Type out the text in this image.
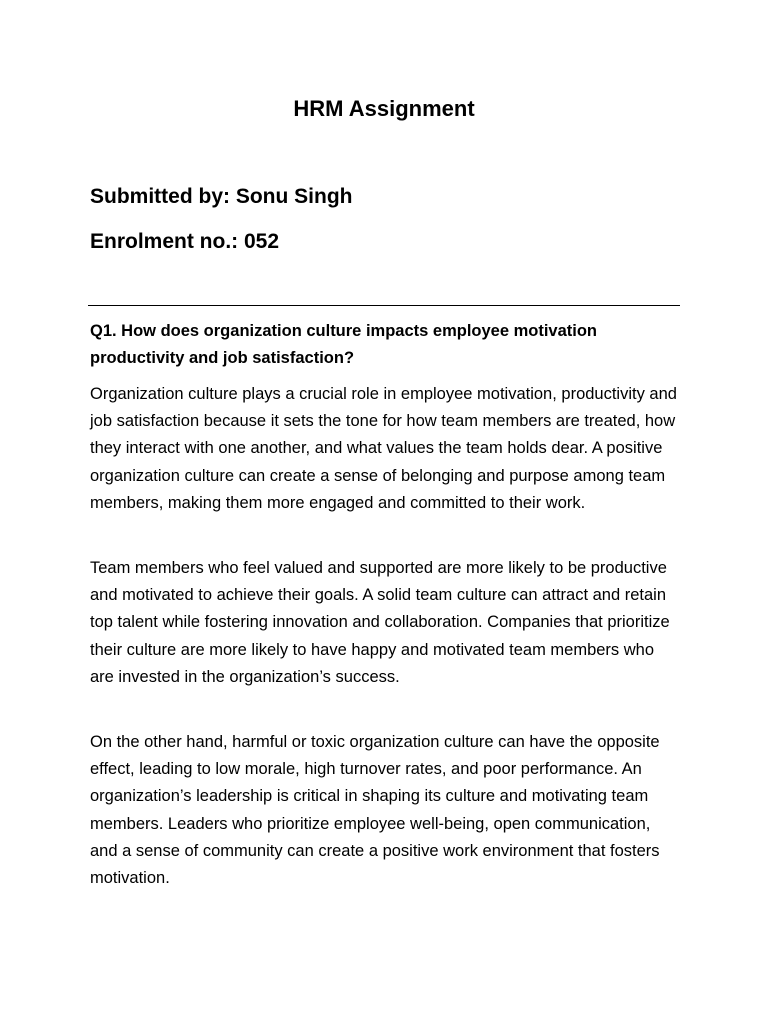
HRM Assignment

Submitted by: Sonu Singh

Enrolment no.: 052

Q1. How does organization culture impacts employee motivation productivity and job satisfaction?

Organization culture plays a crucial role in employee motivation, productivity and job satisfaction because it sets the tone for how team members are treated, how they interact with one another, and what values the team holds dear. A positive organization culture can create a sense of belonging and purpose among team members, making them more engaged and committed to their work.

Team members who feel valued and supported are more likely to be productive and motivated to achieve their goals. A solid team culture can attract and retain top talent while fostering innovation and collaboration. Companies that prioritize their culture are more likely to have happy and motivated team members who are invested in the organization’s success.

On the other hand, harmful or toxic organization culture can have the opposite effect, leading to low morale, high turnover rates, and poor performance. An organization’s leadership is critical in shaping its culture and motivating team members. Leaders who prioritize employee well-being, open communication, and a sense of community can create a positive work environment that fosters motivation.
